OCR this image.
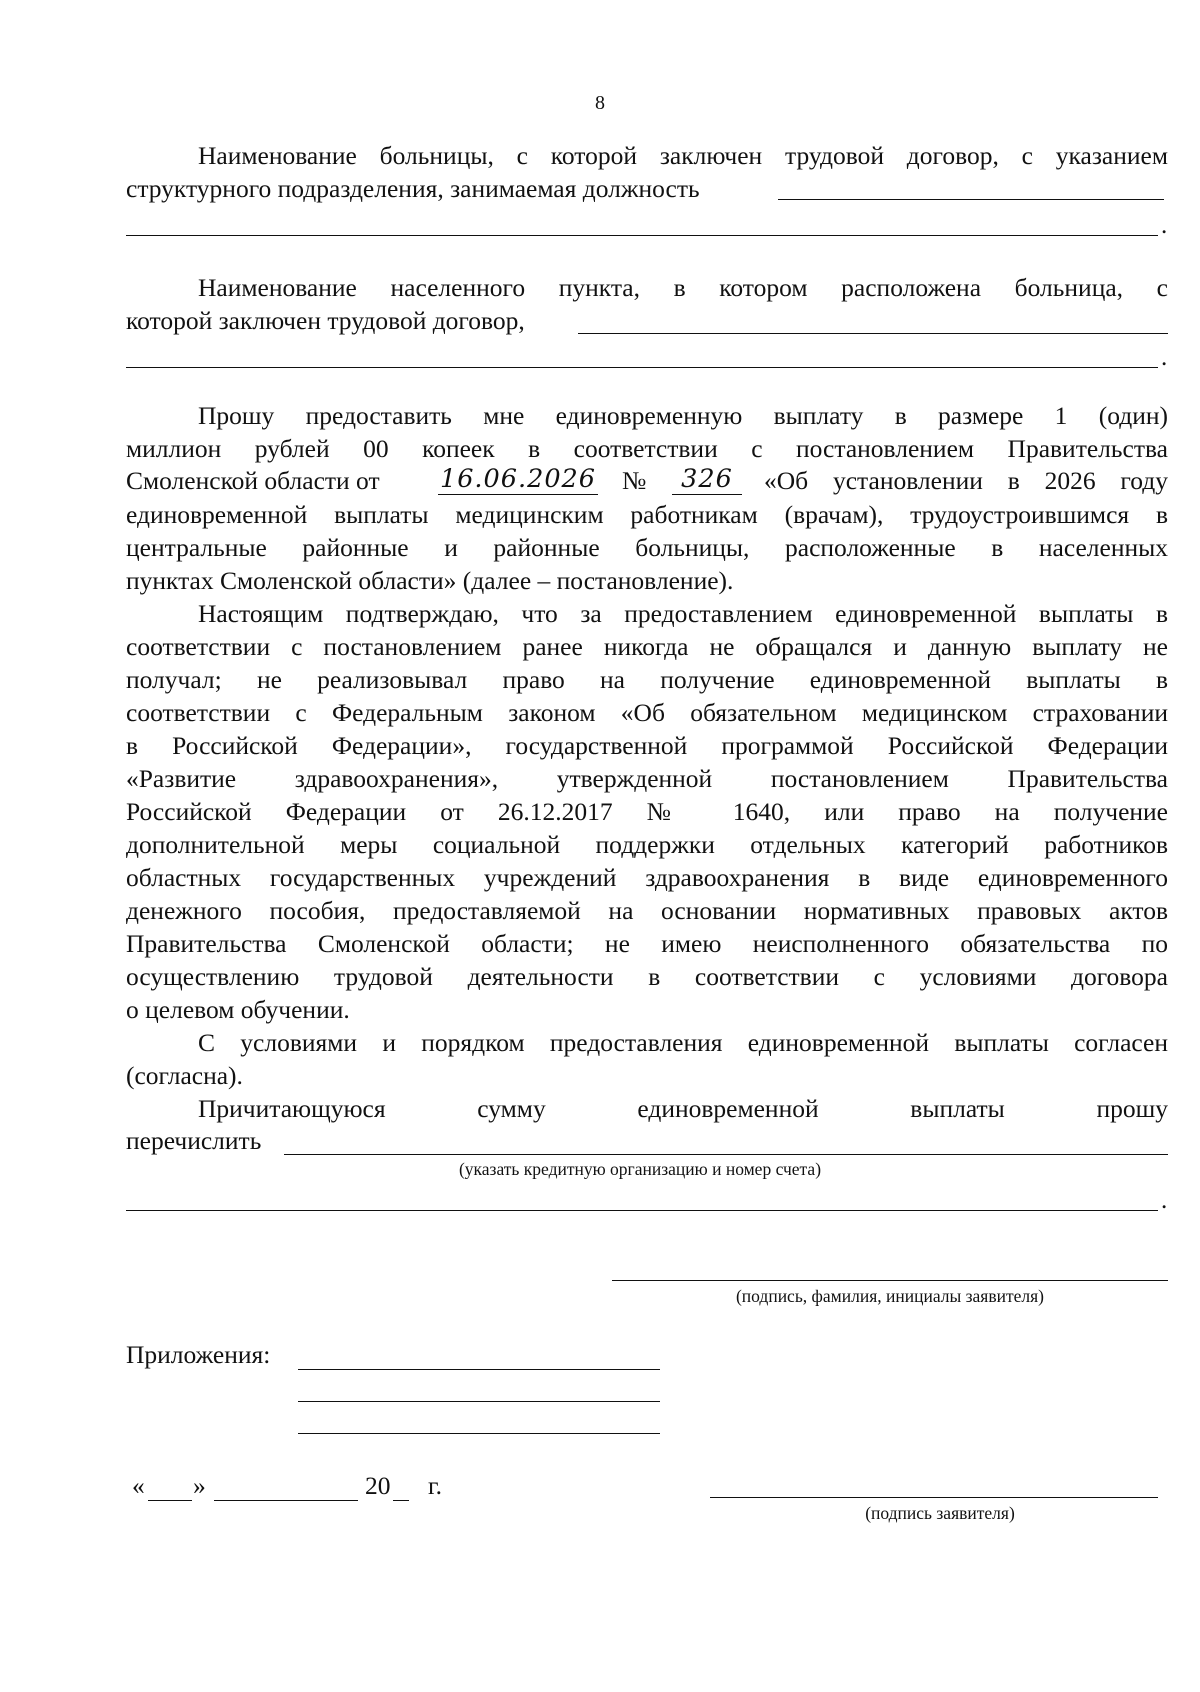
8
Наименование больницы, с которой заключен трудовой договор, с указанием
структурного подразделения, занимаемая должность
.
Наименование населенного пункта, в котором расположена больница, с
которой заключен трудовой договор,
.
Прошу предоставить мне единовременную выплату в размере 1 (один)
миллион рублей 00 копеек в соответствии с постановлением Правительства
Смоленской области от 16.06.2026 №	326	«Об установлении в 2026 году
единовременной выплаты медицинским работникам (врачам), трудоустроившимся в
центральные районные и районные больницы, расположенные в населенных
пунктах Смоленской области» (далее – постановление).
Настоящим подтверждаю, что за предоставлением единовременной выплаты в
соответствии с постановлением ранее никогда не обращался и данную выплату не
получал; не реализовывал право на получение единовременной выплаты в
соответствии с Федеральным законом «Об обязательном медицинском страховании
в Российской Федерации», государственной программой Российской Федерации
«Развитие здравоохранения», утвержденной постановлением Правительства
Российской Федерации от 26.12.2017 № 1640, или право на получение
дополнительной меры социальной поддержки отдельных категорий работников
областных государственных учреждений здравоохранения в виде единовременного
денежного пособия, предоставляемой на основании нормативных правовых актов
Правительства Смоленской области; не имею неисполненного обязательства по
осуществлению трудовой деятельности в соответствии с условиями договора
о целевом обучении.
С условиями и порядком предоставления единовременной выплаты согласен
(согласна).
Причитающуюся сумму единовременной выплаты прошу
перечислить
(указать кредитную организацию и номер счета)
.
(подпись, фамилия, инициалы заявителя)
Приложения:
« »	20 г.
(подпись заявителя)
